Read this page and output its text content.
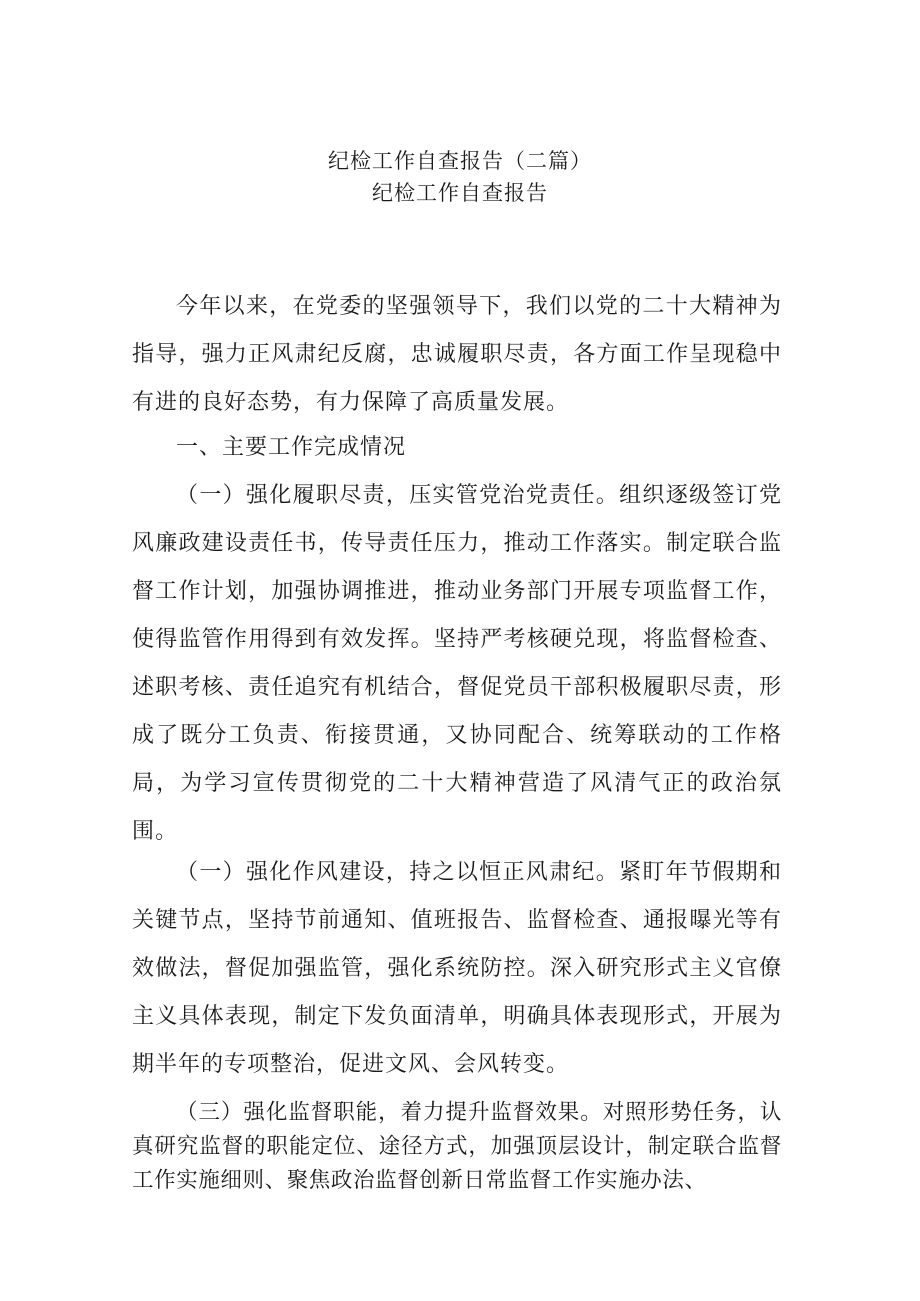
纪检工作自查报告（二篇）
纪检工作自查报告

今年以来，在党委的坚强领导下，我们以党的二十大精神为指导，强力正风肃纪反腐，忠诚履职尽责，各方面工作呈现稳中有进的良好态势，有力保障了高质量发展。

一、主要工作完成情况

（一）强化履职尽责，压实管党治党责任。组织逐级签订党风廉政建设责任书，传导责任压力，推动工作落实。制定联合监督工作计划，加强协调推进，推动业务部门开展专项监督工作，使得监管作用得到有效发挥。坚持严考核硬兑现，将监督检查、述职考核、责任追究有机结合，督促党员干部积极履职尽责，形成了既分工负责、衔接贯通，又协同配合、统筹联动的工作格局，为学习宣传贯彻党的二十大精神营造了风清气正的政治氛围。

（一）强化作风建设，持之以恒正风肃纪。紧盯年节假期和关键节点，坚持节前通知、值班报告、监督检查、通报曝光等有效做法，督促加强监管，强化系统防控。深入研究形式主义官僚主义具体表现，制定下发负面清单，明确具体表现形式，开展为期半年的专项整治，促进文风、会风转变。

（三）强化监督职能，着力提升监督效果。对照形势任务，认真研究监督的职能定位、途径方式，加强顶层设计，制定联合监督工作实施细则、聚焦政治监督创新日常监督工作实施办法、
